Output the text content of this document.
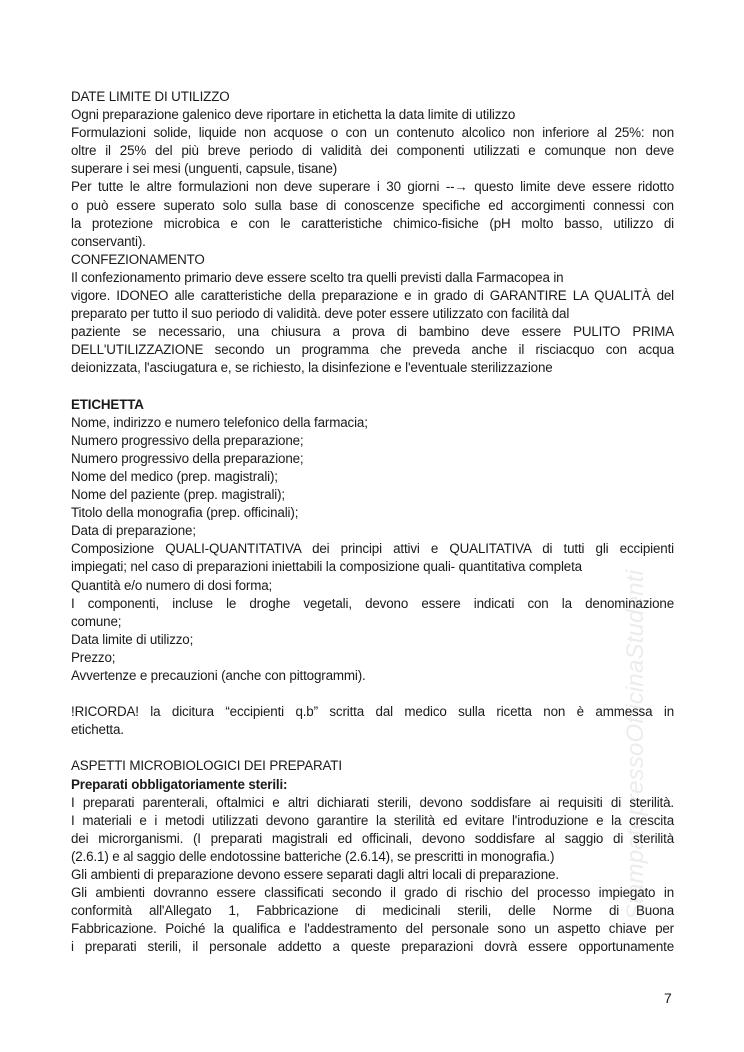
StampatopressoOfficinaStudenti
DATE LIMITE DI UTILIZZO
Ogni preparazione galenico deve riportare in etichetta la data limite di utilizzo
Formulazioni solide, liquide non acquose o con un contenuto alcolico non inferiore al 25%: non
oltre il 25% del più breve periodo di validità dei componenti utilizzati e comunque non deve
superare i sei mesi (unguenti, capsule, tisane)
Per tutte le altre formulazioni non deve superare i 30 giorni --→ questo limite deve essere ridotto
o può essere superato solo sulla base di conoscenze specifiche ed accorgimenti connessi con
la protezione microbica e con le caratteristiche chimico-fisiche (pH molto basso, utilizzo di
conservanti).
CONFEZIONAMENTO
Il confezionamento primario deve essere scelto tra quelli previsti dalla Farmacopea in
vigore. IDONEO alle caratteristiche della preparazione e in grado di GARANTIRE LA QUALITÀ del
preparato per tutto il suo periodo di validità. deve poter essere utilizzato con facilità dal
paziente se necessario, una chiusura a prova di bambino deve essere PULITO PRIMA
DELL'UTILIZZAZIONE secondo un programma che preveda anche il risciacquo con acqua
deionizzata, l'asciugatura e, se richiesto, la disinfezione e l'eventuale sterilizzazione
ETICHETTA
Nome, indirizzo e numero telefonico della farmacia;
Numero progressivo della preparazione;
Numero progressivo della preparazione;
Nome del medico (prep. magistrali);
Nome del paziente (prep. magistrali);
Titolo della monografia (prep. officinali);
Data di preparazione;
Composizione QUALI-QUANTITATIVA dei principi attivi e QUALITATIVA di tutti gli eccipienti
impiegati; nel caso di preparazioni iniettabili la composizione quali- quantitativa completa
Quantità e/o numero di dosi forma;
I componenti, incluse le droghe vegetali, devono essere indicati con la denominazione
comune;
Data limite di utilizzo;
Prezzo;
Avvertenze e precauzioni (anche con pittogrammi).
!RICORDA! la dicitura “eccipienti q.b” scritta dal medico sulla ricetta non è ammessa in
etichetta.
ASPETTI MICROBIOLOGICI DEI PREPARATI
Preparati obbligatoriamente sterili:
I preparati parenterali, oftalmici e altri dichiarati sterili, devono soddisfare ai requisiti di sterilità.
I materiali e i metodi utilizzati devono garantire la sterilità ed evitare l'introduzione e la crescita
dei microrganismi. (I preparati magistrali ed officinali, devono soddisfare al saggio di sterilità
(2.6.1) e al saggio delle endotossine batteriche (2.6.14), se prescritti in monografia.)
Gli ambienti di preparazione devono essere separati dagli altri locali di preparazione.
Gli ambienti dovranno essere classificati secondo il grado di rischio del processo impiegato in
conformità all'Allegato 1, Fabbricazione di medicinali sterili, delle Norme di Buona
Fabbricazione. Poiché la qualifica e l'addestramento del personale sono un aspetto chiave per
i preparati sterili, il personale addetto a queste preparazioni dovrà essere opportunamente
7
